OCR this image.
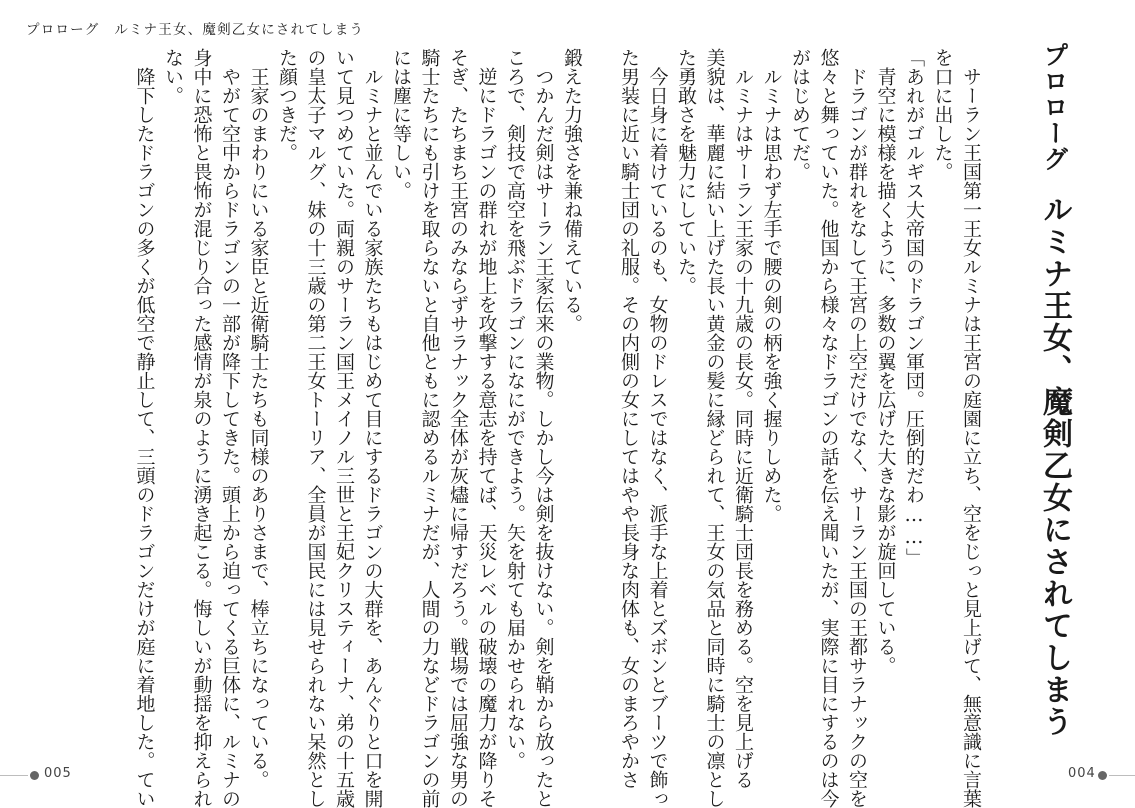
プロローグ　ルミナ王女、魔剣乙女にされてしまう
プロローグルミナ王女、魔剣乙女にされてしまう

　サーラン王国第一王女ルミナは王宮の庭園に立ち、空をじっと見上げて、無意識に言葉

を口に出した。

「あれがゴルギス大帝国のドラゴン軍団。圧倒的だわ……」

　青空に模様を描くように、多数の翼を広げた大きな影が旋回している。

　ドラゴンが群れをなして王宮の上空だけでなく、サーラン王国の王都サラナックの空を

悠々と舞っていた。他国から様々なドラゴンの話を伝え聞いたが、実際に目にするのは今

がはじめてだ。

　ルミナは思わず左手で腰の剣の柄を強く握りしめた。

　ルミナはサーラン王家の十九歳の長女。同時に近衛騎士団長を務める。空を見上げる

美貌は、華麗に結い上げた長い黄金の髪に縁どられて、王女の気品と同時に騎士の凛とし

た勇敢さを魅力にしていた。

　今日身に着けているのも、女物のドレスではなく、派手な上着とズボンとブーツで飾っ

た男装に近い騎士団の礼服。その内側の女にしてはやや長身な肉体も、女のまろやかさ

鍛えた力強さを兼ね備えている。

　つかんだ剣はサーラン王家伝来の業物。しかし今は剣を抜けない。剣を鞘から放ったと

ころで、剣技で高空を飛ぶドラゴンになにができよう。矢を射ても届かせられない。

　逆にドラゴンの群れが地上を攻撃する意志を持てば、天災レベルの破壊の魔力が降りそ

そぎ、たちまち王宮のみならずサラナック全体が灰燼に帰すだろう。戦場では屈強な男の

騎士たちにも引けを取らないと自他ともに認めるルミナだが、人間の力などドラゴンの前

には塵に等しい。

　ルミナと並んでいる家族たちもはじめて目にするドラゴンの大群を、あんぐりと口を開

いて見つめていた。両親のサーラン国王メイノル三世と王妃クリスティーナ、弟の十五歳

の皇太子マルグ、妹の十三歳の第二王女トーリア、全員が国民には見せられない呆然とし

た顔つきだ。

　王家のまわりにいる家臣と近衛騎士たちも同様のありさまで、棒立ちになっている。

　やがて空中からドラゴンの一部が降下してきた。頭上から迫ってくる巨体に、ルミナの

身中に恐怖と畏怖が混じり合った感情が泉のように湧き起こる。悔しいが動揺を抑えられ

ない。

　降下したドラゴンの多くが低空で静止して、三頭のドラゴンだけが庭に着地した。てい

005	004
